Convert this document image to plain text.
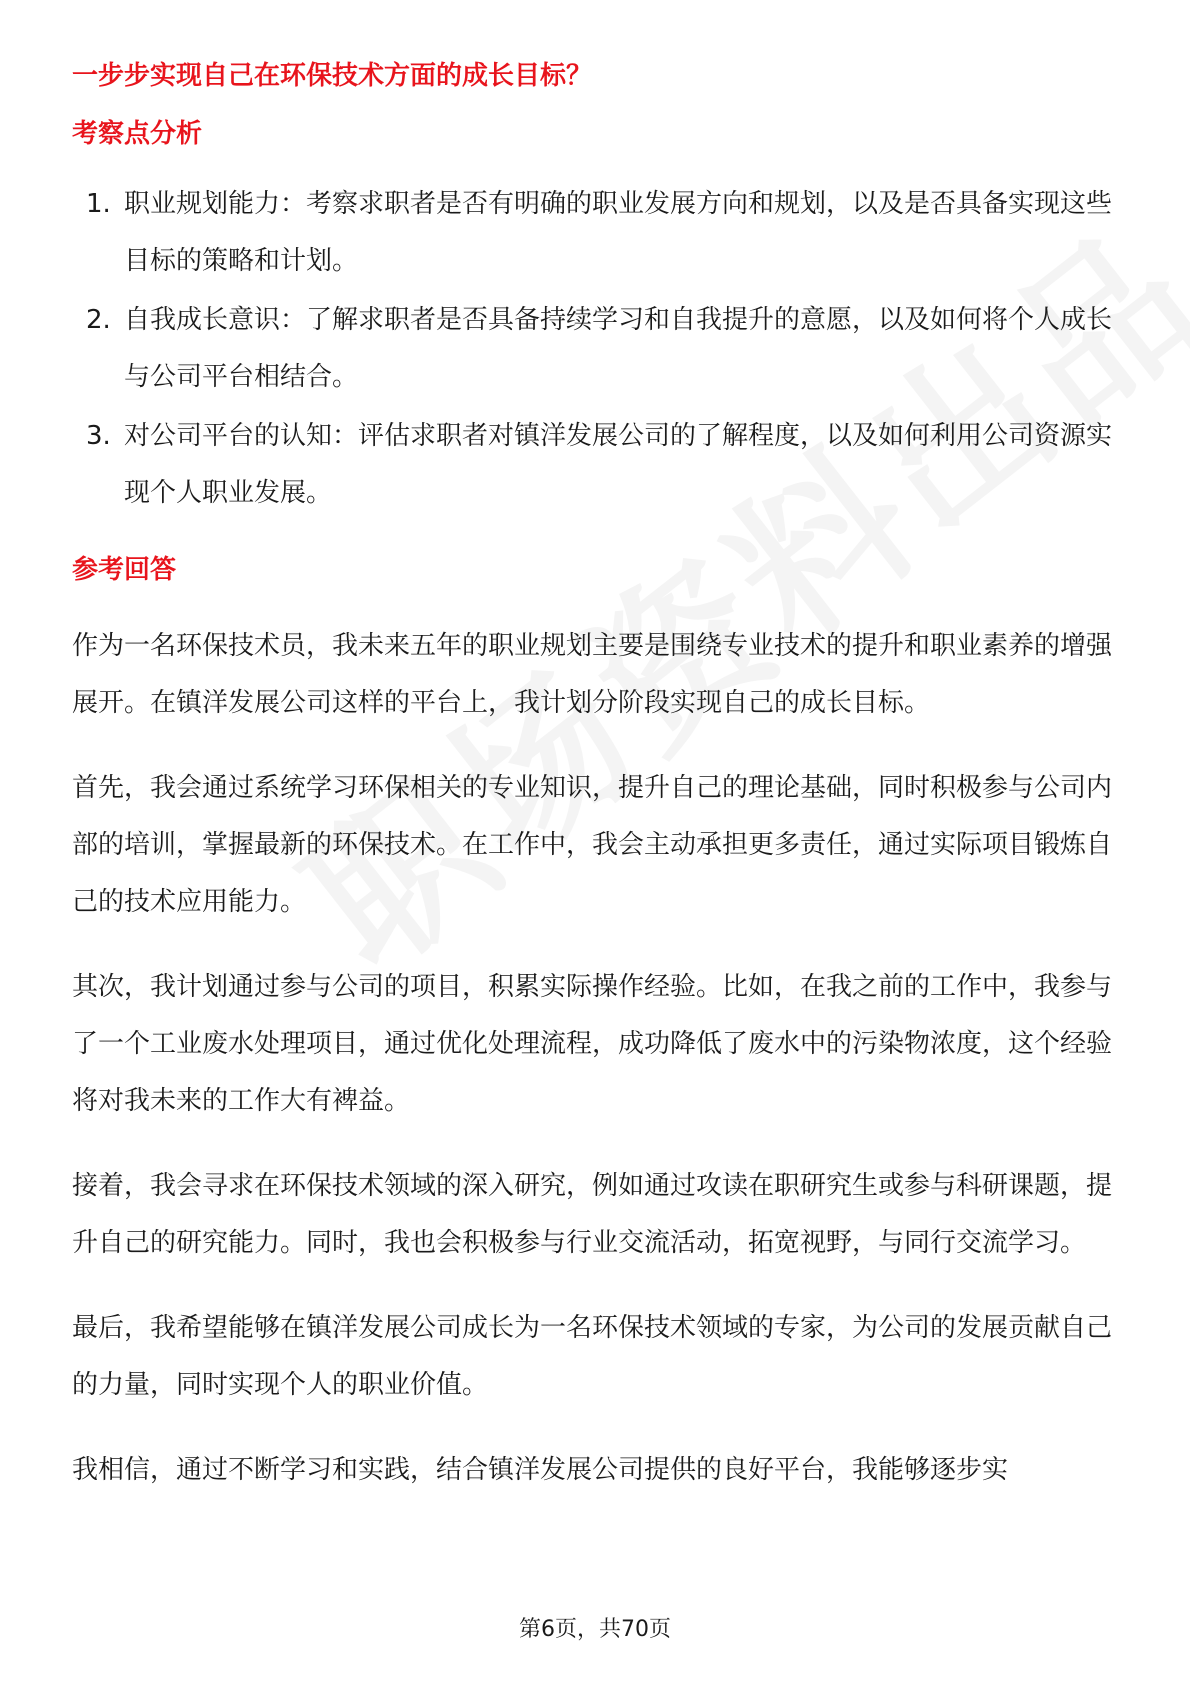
一步步实现自己在环保技术方面的成长目标？
考察点分析
1. 职业规划能力：考察求职者是否有明确的职业发展方向和规划，以及是否具备实现这些目标的策略和计划。
2. 自我成长意识：了解求职者是否具备持续学习和自我提升的意愿，以及如何将个人成长与公司平台相结合。
3. 对公司平台的认知：评估求职者对镇洋发展公司的了解程度，以及如何利用公司资源实现个人职业发展。
参考回答

作为一名环保技术员，我未来五年的职业规划主要是围绕专业技术的提升和职业素养的增强展开。在镇洋发展公司这样的平台上，我计划分阶段实现自己的成长目标。

首先，我会通过系统学习环保相关的专业知识，提升自己的理论基础，同时积极参与公司内部的培训，掌握最新的环保技术。在工作中，我会主动承担更多责任，通过实际项目锻炼自己的技术应用能力。

其次，我计划通过参与公司的项目，积累实际操作经验。比如，在我之前的工作中，我参与了一个工业废水处理项目，通过优化处理流程，成功降低了废水中的污染物浓度，这个经验将对我未来的工作大有裨益。

接着，我会寻求在环保技术领域的深入研究，例如通过攻读在职研究生或参与科研课题，提升自己的研究能力。同时，我也会积极参与行业交流活动，拓宽视野，与同行交流学习。

最后，我希望能够在镇洋发展公司成长为一名环保技术领域的专家，为公司的发展贡献自己的力量，同时实现个人的职业价值。

我相信，通过不断学习和实践，结合镇洋发展公司提供的良好平台，我能够逐步实

第6页，共70页
